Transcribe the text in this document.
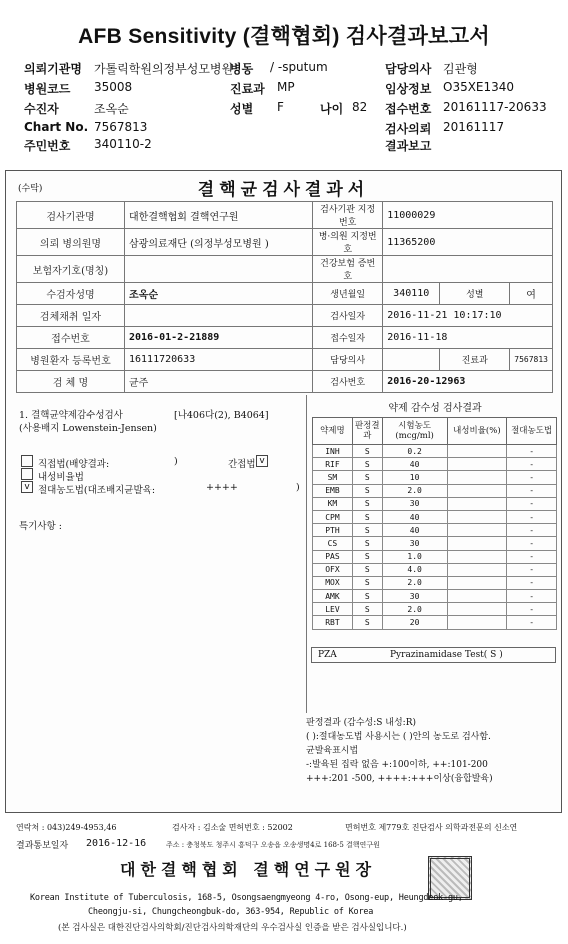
AFB Sensitivity (결핵협회) 검사결과보고서
의뢰기관명 가톨릭학원의정부성모병원
병동 / -sputum	담당의사 김관형
병원코드 35008	진료과 MP	임상정보 O35XE1340
수진자	조옥순	성별 F	나이 82 접수번호 20161117-20633
Chart No. 7567813	검사의뢰 20161117
주민번호 340110-2	결과보고
(수탁)	결핵균검사결과서
검사기관명	대한결핵협회 결핵연구원	검사기관 지정번호	11000029		
의뢰 병의원명	삼광의료재단 (의정부성모병원 )	병·의원 지정번호	11365200		
보험자기호(명칭)		건강보험 증번호			
수검자성명	조옥순	생년월일	340110	성별	여
검체채취 일자		검사일자	2016-11-21 10:17:10		
접수번호	2016-01-2-21889	접수일자	2016-11-18		
병원환자 등록번호	16111720633	담당의사		진료과	7567813
검 체 명	균주	검사번호	2016-20-12963		
1. 결핵균약제감수성검사	[나406다(2), B4064]
(사용배지 Lowenstein-Jensen)
직접법(배양결과:	)	간접법 v
내성비율법
v 절대농도법(대조배지균발육:	++++	)
특기사항 :
약제 감수성 검사결과
약제명	판정결과	시험농도(mcg/ml)	내성비율(%)	절대농도법
INH	S	0.2		-
RIF	S	40		-
SM	S	10		-
EMB	S	2.0		-
KM	S	30		-
CPM	S	40		-
PTH	S	40		-
CS	S	30		-
PAS	S	1.0		-
OFX	S	4.0		-
MOX	S	2.0		-
AMK	S	30		-
LEV	S	2.0		-
RBT	S	20		-
PZA	Pyrazinamidase Test( S )
판정결과 (감수성:S 내성:R)
( ):절대농도법 사용시는 ( )안의 농도로 검사함.
균발육표시법
-:발육된 집락 없음 +:100이하, ++:101-200
+++:201 -500, ++++:+++이상(융합발육)
연락처 : 043)249-4953,46	검사자 : 김소술 면허번호 : 52002	면허번호 제779호 진단검사 의학과전문의 신소연
결과통보일자 2016-12-16	주소 : 충청북도 청주시 흥덕구 오송읍 오송생명4로 168-5 결핵연구원
대한결핵협회 결핵연구원장
Korean Institute of Tuberculosis, 168-5, Osongsaengmyeong 4-ro, Osong-eup, Heungdeok-gu,
Cheongju-si, Chungcheongbuk-do, 363-954, Republic of Korea
(본 검사실은 대한진단검사의학회/진단검사의학재단의 우수검사실 인증을 받은 검사실입니다.)
